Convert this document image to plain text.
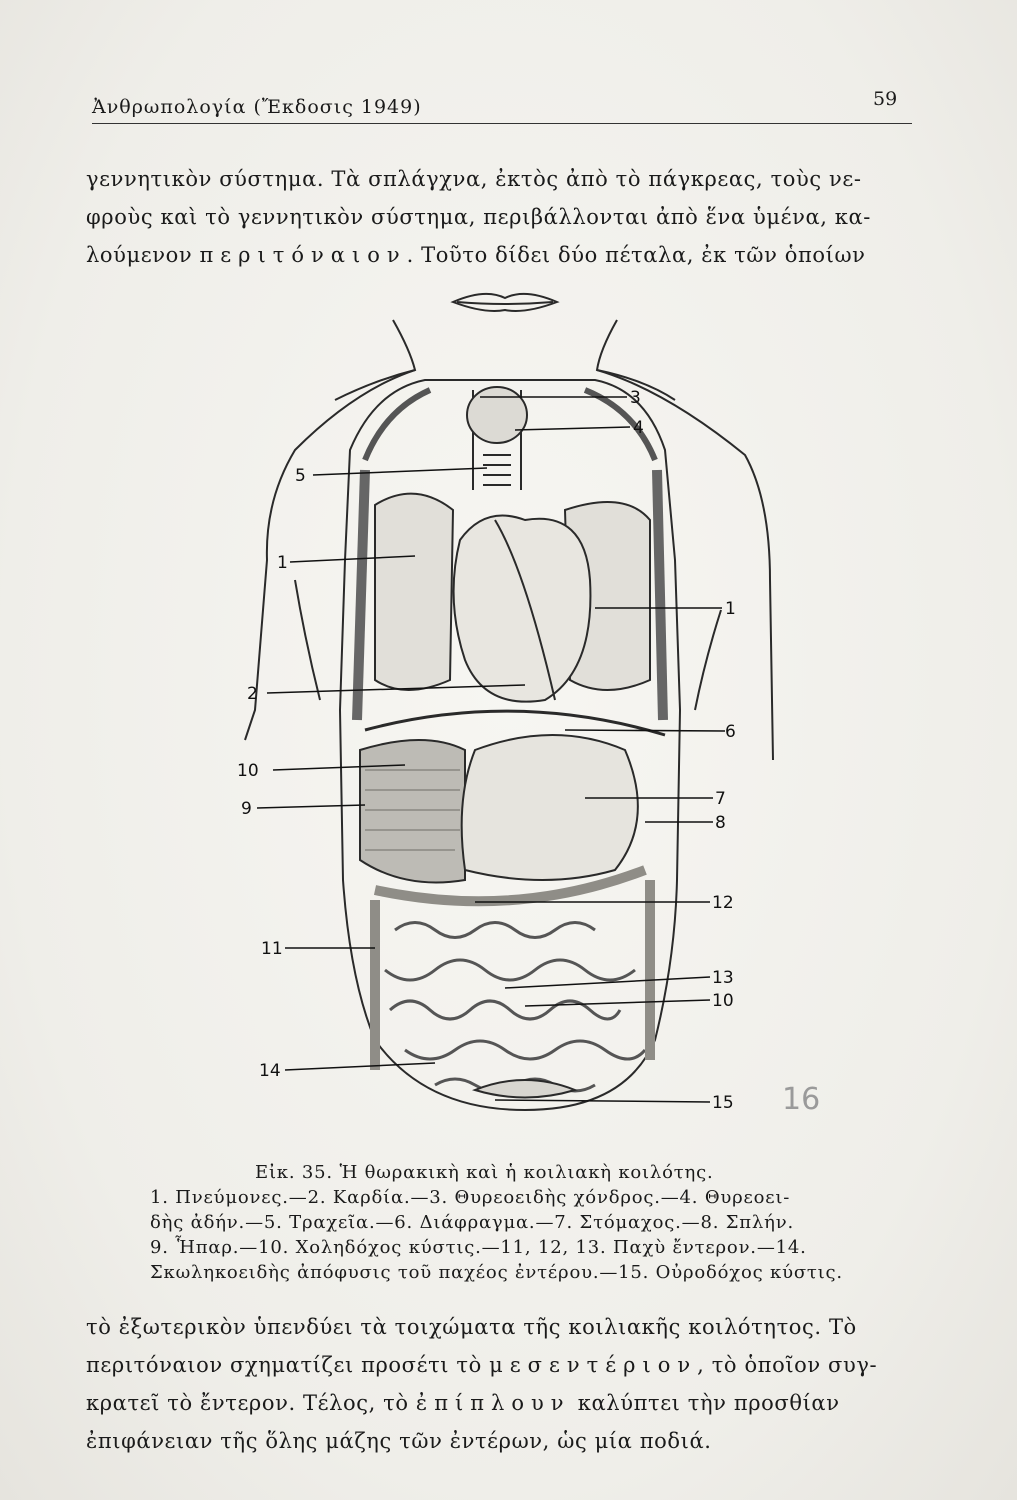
Ἀνθρωπολογία (Ἔκδοσις 1949)	59
γεννητικὸν σύστημα. Τὰ σπλάγχνα, ἐκτὸς ἀπὸ τὸ πάγκρεας, τοὺς νε-
φροὺς καὶ τὸ γεννητικὸν σύστημα, περιβάλλονται ἀπὸ ἕνα ὑμένα, κα-
λούμενον περιτόναιον. Τοῦτο δίδει δύο πέταλα, ἐκ τῶν ὁποίων
3
4
5
1
1
2
6
10
9	7
8
12
11
13
10
14
15 16
Εἰκ. 35. Ἡ θωρακικὴ καὶ ἡ κοιλιακὴ κοιλότης.
1. Πνεύμονες.—2. Καρδία.—3. Θυρεοειδὴς χόνδρος.—4. Θυρεοει-
δὴς ἀδήν.—5. Τραχεῖα.—6. Διάφραγμα.—7. Στόμαχος.—8. Σπλήν.
9. Ἧπαρ.—10. Χοληδόχος κύστις.—11, 12, 13. Παχὺ ἔντερον.—14.
Σκωληκοειδὴς ἀπόφυσις τοῦ παχέος ἐντέρου.—15. Οὐροδόχος κύστις.
τὸ ἐξωτερικὸν ὑπενδύει τὰ τοιχώματα τῆς κοιλιακῆς κοιλότητος. Τὸ
περιτόναιον σχηματίζει προσέτι τὸ μεσεντέριον, τὸ ὁποῖον συγ-
κρατεῖ τὸ ἔντερον. Τέλος, τὸ ἐπίπλουν καλύπτει τὴν προσθίαν
ἐπιφάνειαν τῆς ὅλης μάζης τῶν ἐντέρων, ὡς μία ποδιά.
